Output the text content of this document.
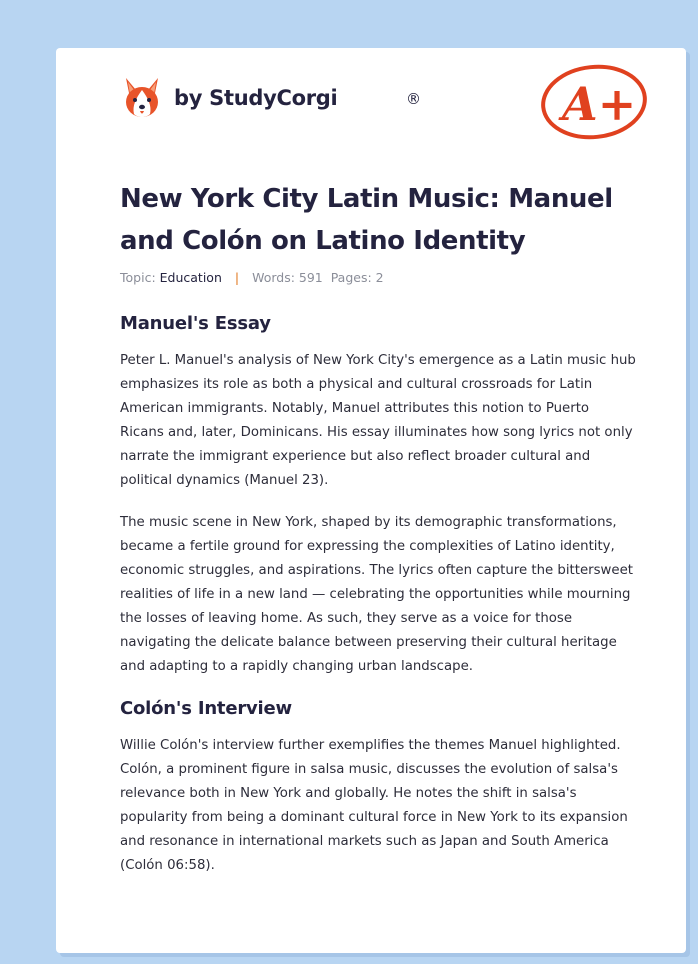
by StudyCorgi	®	A+
New York City Latin Music: Manuel and Colón on Latino Identity
Topic: Education | Words: 591 Pages: 2
Manuel's Essay

Peter L. Manuel's analysis of New York City's emergence as a Latin music hub emphasizes its role as both a physical and cultural crossroads for Latin American immigrants. Notably, Manuel attributes this notion to Puerto Ricans and, later, Dominicans. His essay illuminates how song lyrics not only narrate the immigrant experience but also reflect broader cultural and political dynamics (Manuel 23).

The music scene in New York, shaped by its demographic transformations, became a fertile ground for expressing the complexities of Latino identity, economic struggles, and aspirations. The lyrics often capture the bittersweet realities of life in a new land — celebrating the opportunities while mourning the losses of leaving home. As such, they serve as a voice for those navigating the delicate balance between preserving their cultural heritage and adapting to a rapidly changing urban landscape.

Colón's Interview

Willie Colón's interview further exemplifies the themes Manuel highlighted. Colón, a prominent figure in salsa music, discusses the evolution of salsa's relevance both in New York and globally. He notes the shift in salsa's popularity from being a dominant cultural force in New York to its expansion and resonance in international markets such as Japan and South America (Colón 06:58).
